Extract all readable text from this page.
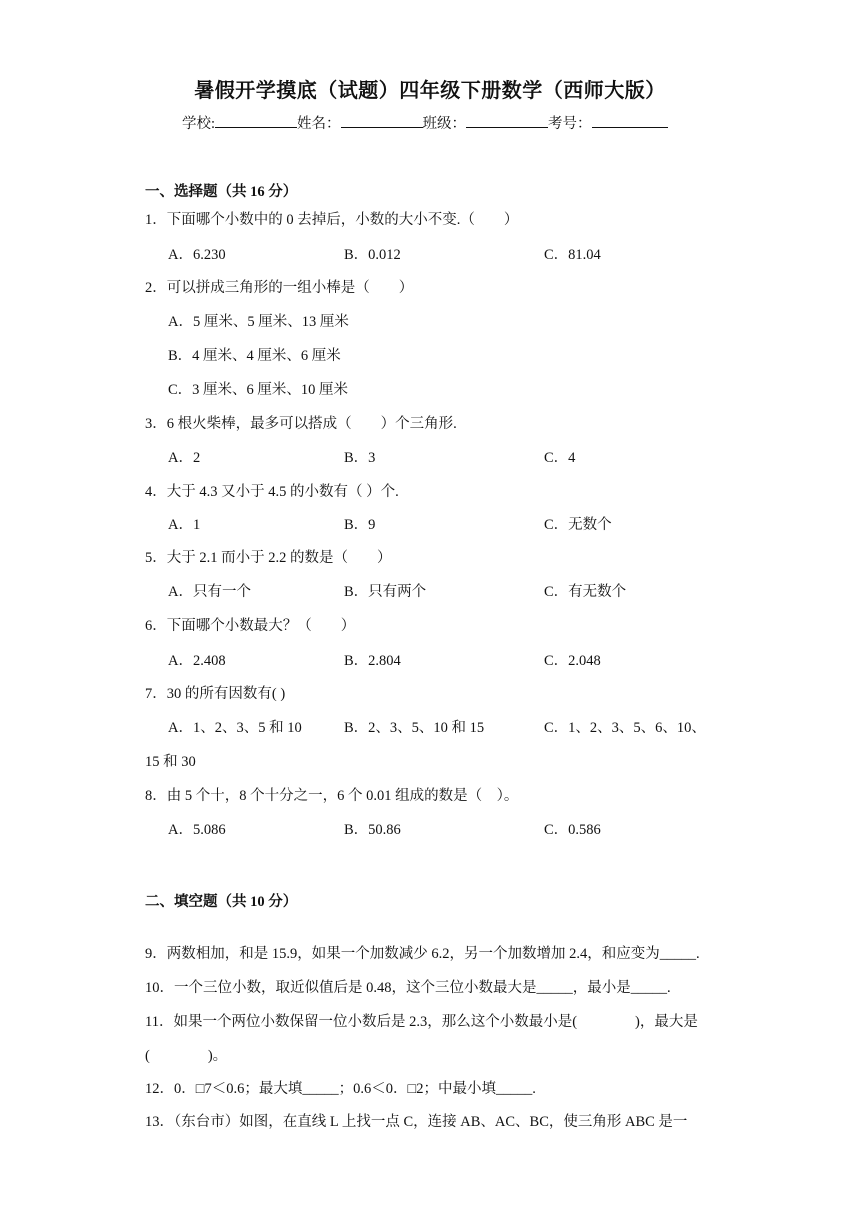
暑假开学摸底（试题）四年级下册数学（西师大版）
学校:	姓名：	班级：	考号：
一、选择题（共 16 分）
1．下面哪个小数中的 0 去掉后，小数的大小不变.（　　）
A．6.230	B．0.012	C．81.04
2．可以拼成三角形的一组小棒是（　　）
A．5 厘米、5 厘米、13 厘米
B．4 厘米、4 厘米、6 厘米
C．3 厘米、6 厘米、10 厘米
3．6 根火柴棒，最多可以搭成（　　）个三角形.
A．2	B．3	C．4
4．大于 4.3 又小于 4.5 的小数有（ ）个.
A．1	B．9	C．无数个
5．大于 2.1 而小于 2.2 的数是（　　）
A．只有一个	B．只有两个	C．有无数个
6．下面哪个小数最大？（　　）
A．2.408	B．2.804	C．2.048
7．30 的所有因数有( )
A．1、2、3、5 和 10	B．2、3、5、10 和 15	C．1、2、3、5、6、10、
15 和 30
8．由 5 个十，8 个十分之一，6 个 0.01 组成的数是（　）。
A．5.086	B．50.86	C．0.586
二、填空题（共 10 分）
9．两数相加，和是 15.9，如果一个加数减少 6.2，另一个加数增加 2.4，和应变为_____.
10．一个三位小数，取近似值后是 0.48，这个三位小数最大是_____，最小是_____.
11．如果一个两位小数保留一位小数后是 2.3，那么这个小数最小是(　　　　)，最大是
(　　　　)。
12．0．□7＜0.6；最大填_____；0.6＜0．□2；中最小填_____.
13．（东台市）如图，在直线 L 上找一点 C，连接 AB、AC、BC，使三角形 ABC 是一
